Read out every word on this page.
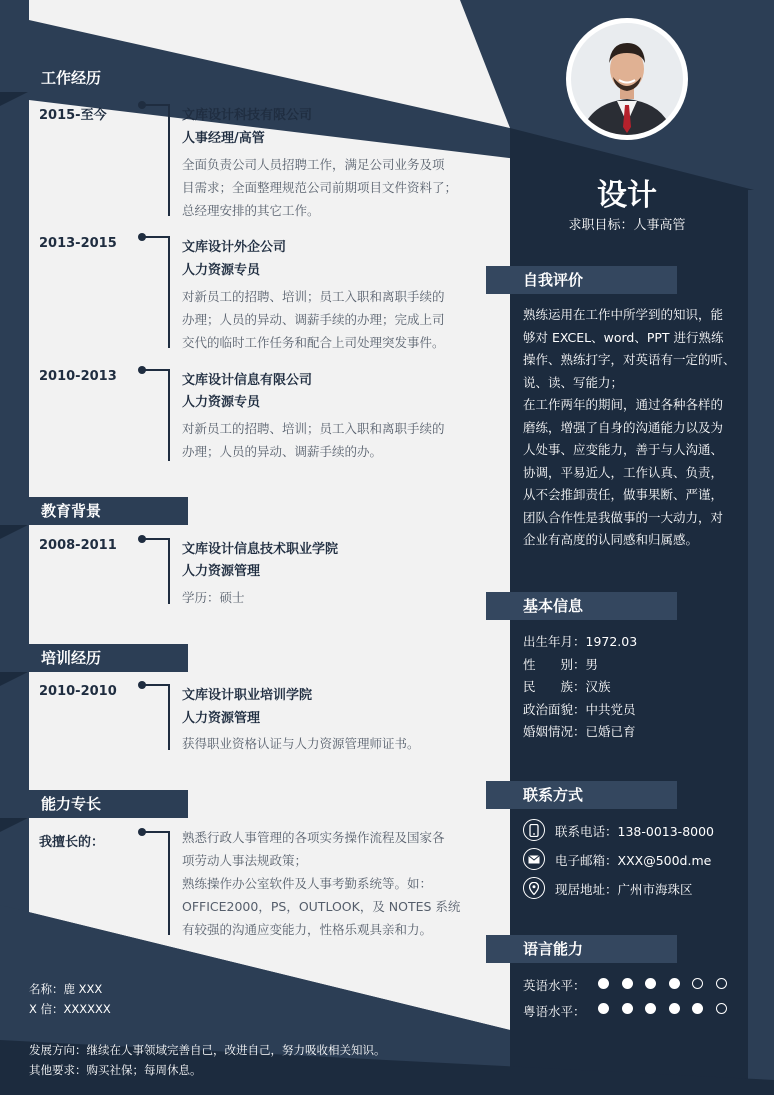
设计
求职目标：人事高管
工作经历
2015-至今	文库设计科技有限公司
人事经理/高管
全面负责公司人员招聘工作，满足公司业务及项
目需求；全面整理规范公司前期项目文件资料了；
总经理安排的其它工作。
2013-2015	文库设计外企公司
人力资源专员
对新员工的招聘、培训；员工入职和离职手续的
办理；人员的异动、调薪手续的办理；完成上司
交代的临时工作任务和配合上司处理突发事件。
2010-2013	文库设计信息有限公司
人力资源专员
对新员工的招聘、培训；员工入职和离职手续的
办理；人员的异动、调薪手续的办。
教育背景
2008-2011	文库设计信息技术职业学院
人力资源管理
学历：硕士
培训经历
2010-2010	文库设计职业培训学院
人力资源管理
获得职业资格认证与人力资源管理师证书。
能力专长
我擅长的：	熟悉行政人事管理的各项实务操作流程及国家各
项劳动人事法规政策；
熟练操作办公室软件及人事考勤系统等。如：
OFFICE2000，PS，OUTLOOK，及 NOTES 系统
有较强的沟通应变能力，性格乐观具亲和力。
自我评价
熟练运用在工作中所学到的知识，能
够对 EXCEL、word、PPT 进行熟练
操作、熟练打字，对英语有一定的听、
说、读、写能力；
在工作两年的期间，通过各种各样的
磨练，增强了自身的沟通能力以及为
人处事、应变能力，善于与人沟通、
协调，平易近人，工作认真、负责，
从不会推卸责任，做事果断、严谨，
团队合作性是我做事的一大动力，对
企业有高度的认同感和归属感。
基本信息
出生年月：1972.03
性　　别：男
民　　族：汉族
政治面貌：中共党员
婚姻情况：已婚已育
联系方式
联系电话：138-0013-8000
电子邮箱：XXX@500d.me
现居地址：广州市海珠区
语言能力
英语水平：
粤语水平：
名称：鹿 XXX
X 信：XXXXXX
发展方向：继续在人事领域完善自己，改进自己，努力吸收相关知识。
其他要求：购买社保；每周休息。
